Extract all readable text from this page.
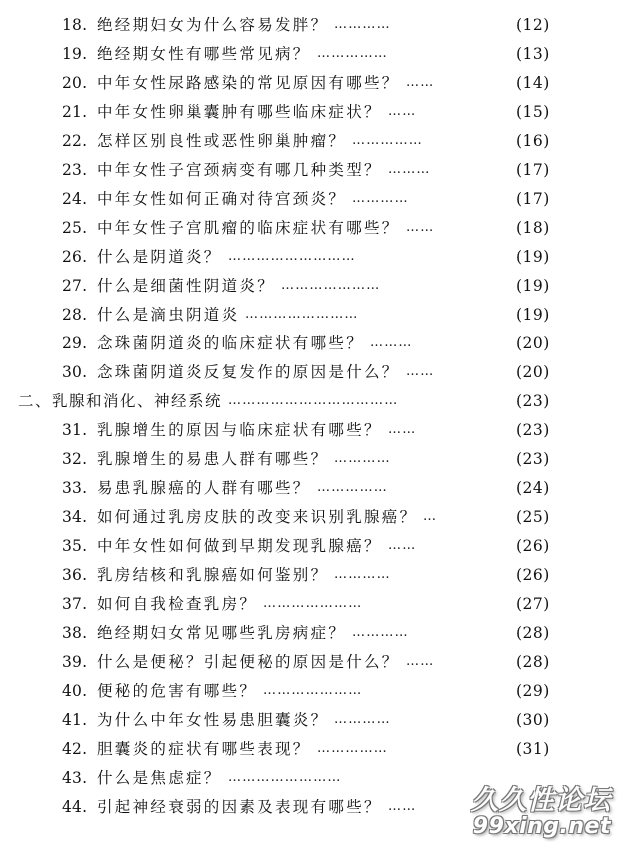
18. 绝经期妇女为什么容易发胖？ …………	(12)
19. 绝经期女性有哪些常见病？ ……………	(13)
20. 中年女性尿路感染的常见原因有哪些？ ……	(14)
21. 中年女性卵巢囊肿有哪些临床症状？ ……	(15)
22. 怎样区别良性或恶性卵巢肿瘤？ ……………	(16)
23. 中年女性子宫颈病变有哪几种类型？ ………	(17)
24. 中年女性如何正确对待宫颈炎？ …………	(17)
25. 中年女性子宫肌瘤的临床症状有哪些？ ……	(18)
26. 什么是阴道炎？ ………………………	(19)
27. 什么是细菌性阴道炎？ …………………	(19)
28. 什么是滴虫阴道炎 ……………………	(19)
29. 念珠菌阴道炎的临床症状有哪些？ ………	(20)
30. 念珠菌阴道炎反复发作的原因是什么？ ……	(20)
二、乳腺和消化、神经系统 ………………………………	(23)
31. 乳腺增生的原因与临床症状有哪些？ ……	(23)
32. 乳腺增生的易患人群有哪些？ …………	(23)
33. 易患乳腺癌的人群有哪些？ ……………	(24)
34. 如何通过乳房皮肤的改变来识别乳腺癌？ …	(25)
35. 中年女性如何做到早期发现乳腺癌？ ……	(26)
36. 乳房结核和乳腺癌如何鉴别？ …………	(26)
37. 如何自我检查乳房？ …………………	(27)
38. 绝经期妇女常见哪些乳房病症？ …………	(28)
39. 什么是便秘？引起便秘的原因是什么？ ……	(28)
40. 便秘的危害有哪些？ …………………	(29)
41. 为什么中年女性易患胆囊炎？ …………	(30)
42. 胆囊炎的症状有哪些表现？ ……………	(31)
43. 什么是焦虑症？ ……………………
44. 引起神经衰弱的因素及表现有哪些？ ……	久久性论坛
99xing.net
